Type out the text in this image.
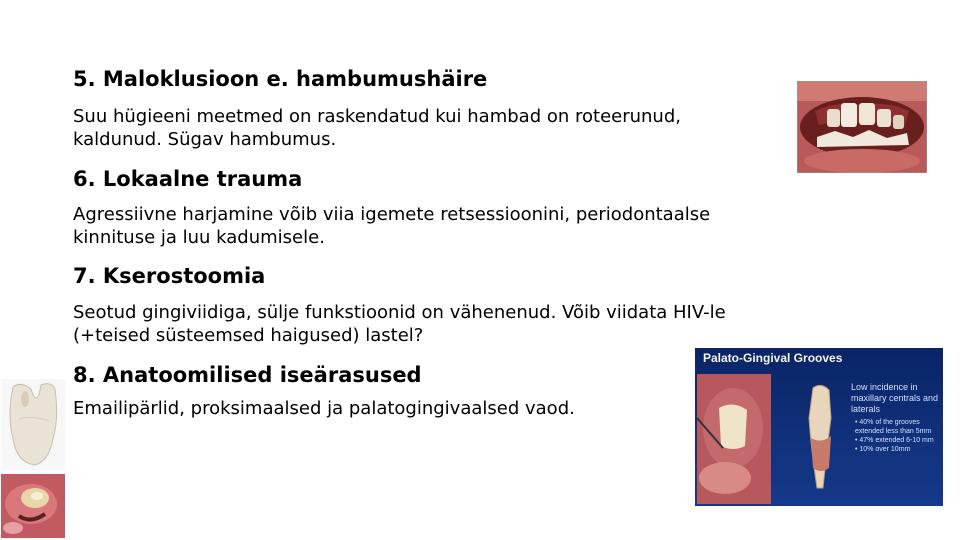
5. Maloklusioon e. hambumushäire
Suu hügieeni meetmed on raskendatud kui hambad on roteerunud,
kaldunud. Sügav hambumus.
6. Lokaalne trauma
Agressiivne harjamine võib viia igemete retsessioonini, periodontaalse
kinnituse ja luu kadumisele.
7. Kserostoomia
Seotud gingiviidiga, sülje funkstioonid on vähenenud. Võib viidata HIV-le
(+teised süsteemsed haigused) lastel?
8. Anatoomilised iseärasused
Emailipärlid, proksimaalsed ja palatogingivaalsed vaod.
Palato-Gingival Grooves
Low incidence in maxillary centrals and laterals
• 40% of the grooves extended less than 5mm
• 47% extended 6-10 mm
• 10% over 10mm
